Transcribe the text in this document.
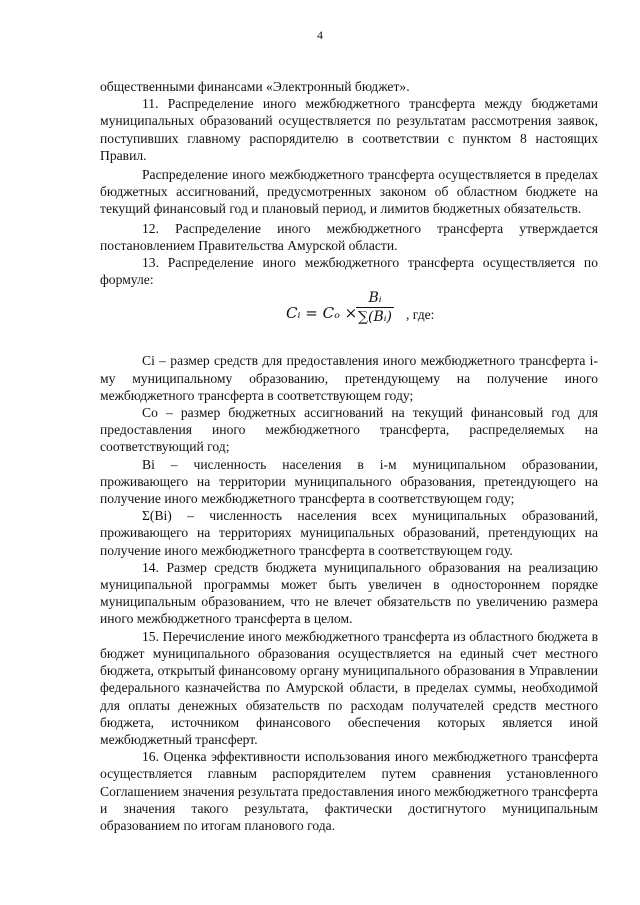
4

общественными финансами «Электронный бюджет».

11. Распределение иного межбюджетного трансферта между бюджетами муниципальных образований осуществляется по результатам рассмотрения заявок, поступивших главному распорядителю в соответствии с пунктом 8 настоящих Правил.

Распределение иного межбюджетного трансферта осуществляется в пределах бюджетных ассигнований, предусмотренных законом об областном бюджете на текущий финансовый год и плановый период, и лимитов бюджетных обязательств.

12. Распределение иного межбюджетного трансферта утверждается постановлением Правительства Амурской области.

13. Распределение иного межбюджетного трансферта осуществляется по формуле:

Cᵢ = Cₒ ×
$\frac{\text{Bᵢ}}{\text{∑(Bᵢ)}}$ , где:

Ci – размер средств для предоставления иного межбюджетного трансферта i-му муниципальному образованию, претендующему на получение иного межбюджетного трансферта в соответствующем году;

Co – размер бюджетных ассигнований на текущий финансовый год для предоставления иного межбюджетного трансферта, распределяемых на соответствующий год;

Bi – численность населения в i-м муниципальном образовании, проживающего на территории муниципального образования, претендующего на получение иного межбюджетного трансферта в соответствующем году;

Σ(Bi) – численность населения всех муниципальных образований, проживающего на территориях муниципальных образований, претендующих на получение иного межбюджетного трансферта в соответствующем году.

14. Размер средств бюджета муниципального образования на реализацию муниципальной программы может быть увеличен в одностороннем порядке муниципальным образованием, что не влечет обязательств по увеличению размера иного межбюджетного трансферта в целом.

15. Перечисление иного межбюджетного трансферта из областного бюджета в бюджет муниципального образования осуществляется на единый счет местного бюджета, открытый финансовому органу муниципального образования в Управлении федерального казначейства по Амурской области, в пределах суммы, необходимой для оплаты денежных обязательств по расходам получателей средств местного бюджета, источником финансового обеспечения которых является иной межбюджетный трансферт.

16. Оценка эффективности использования иного межбюджетного трансферта осуществляется главным распорядителем путем сравнения установленного Соглашением значения результата предоставления иного межбюджетного трансферта и значения такого результата, фактически достигнутого муниципальным образованием по итогам планового года.
